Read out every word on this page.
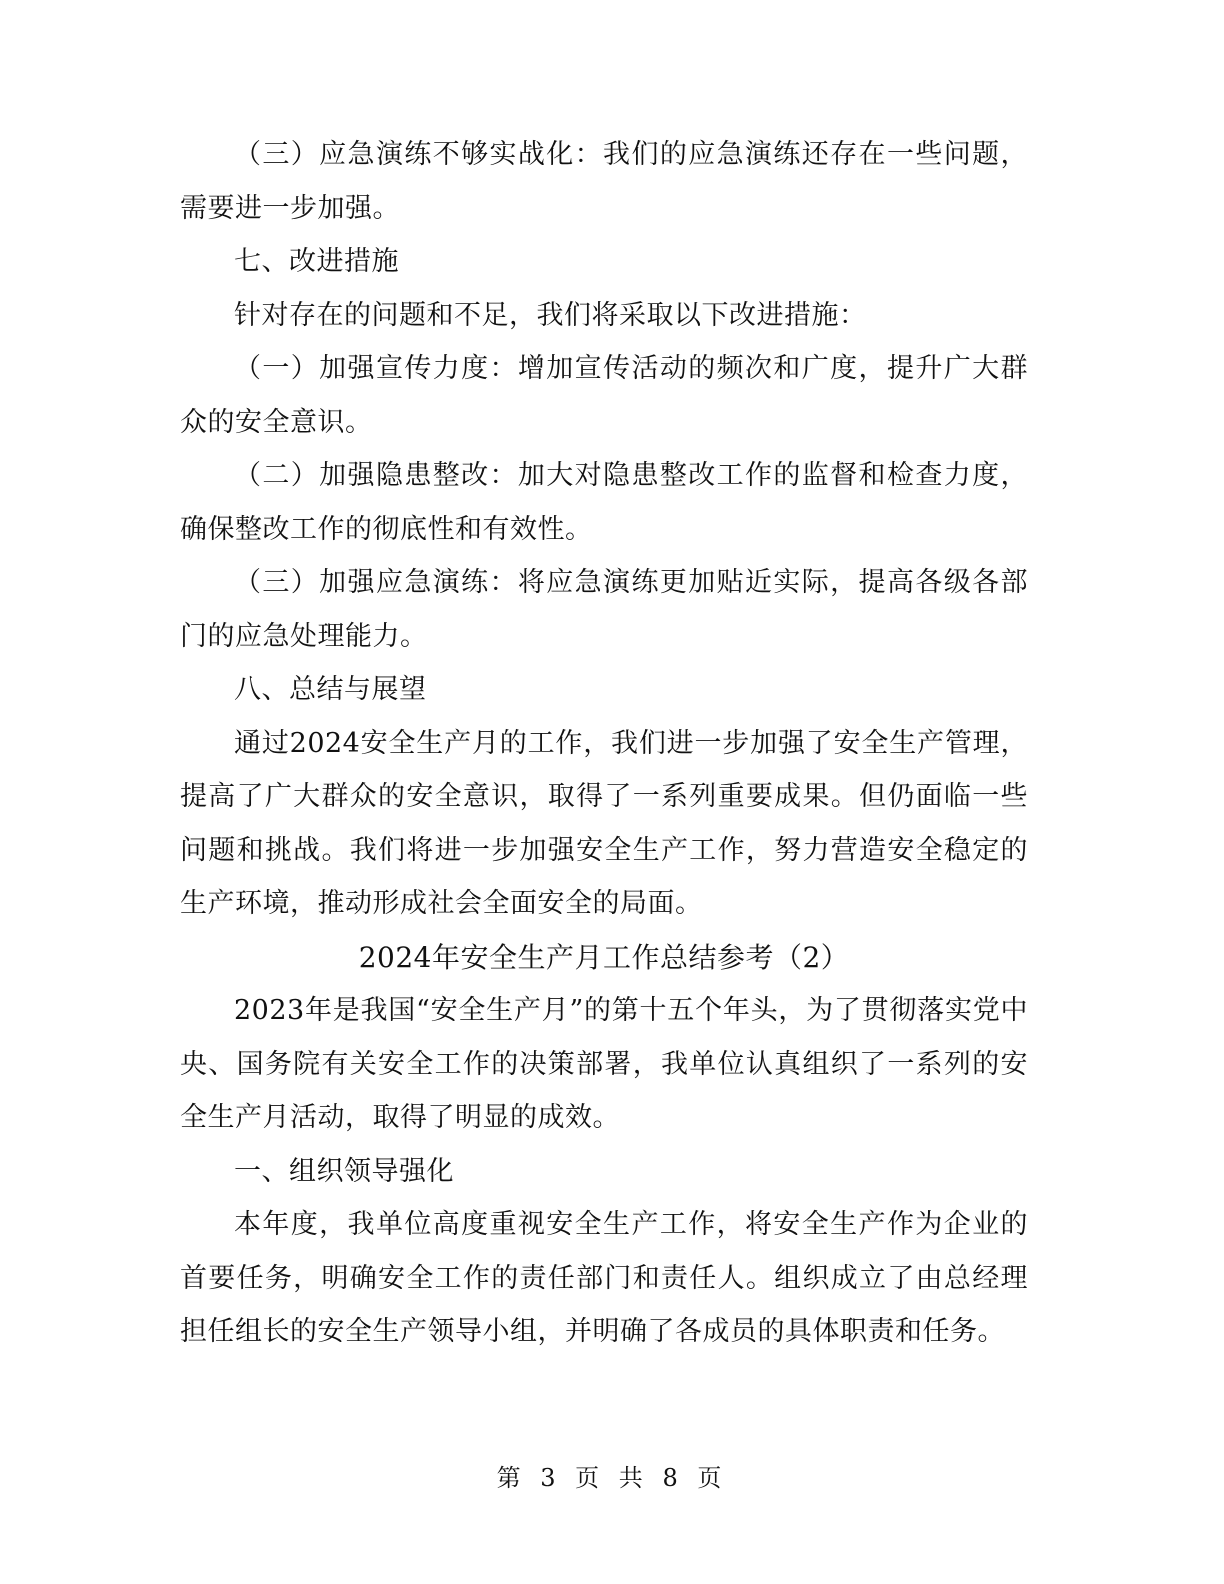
（三）应急演练不够实战化：我们的应急演练还存在一些问题，需要进一步加强。

七、改进措施

针对存在的问题和不足，我们将采取以下改进措施：

（一）加强宣传力度：增加宣传活动的频次和广度，提升广大群众的安全意识。

（二）加强隐患整改：加大对隐患整改工作的监督和检查力度，确保整改工作的彻底性和有效性。

（三）加强应急演练：将应急演练更加贴近实际，提高各级各部门的应急处理能力。

八、总结与展望

通过2024安全生产月的工作，我们进一步加强了安全生产管理，提高了广大群众的安全意识，取得了一系列重要成果。但仍面临一些问题和挑战。我们将进一步加强安全生产工作，努力营造安全稳定的生产环境，推动形成社会全面安全的局面。

2024年安全生产月工作总结参考（2）

2023年是我国“安全生产月”的第十五个年头，为了贯彻落实党中央、国务院有关安全工作的决策部署，我单位认真组织了一系列的安全生产月活动，取得了明显的成效。

一、组织领导强化

本年度，我单位高度重视安全生产工作，将安全生产作为企业的首要任务，明确安全工作的责任部门和责任人。组织成立了由总经理担任组长的安全生产领导小组，并明确了各成员的具体职责和任务。

第 3 页 共 8 页
